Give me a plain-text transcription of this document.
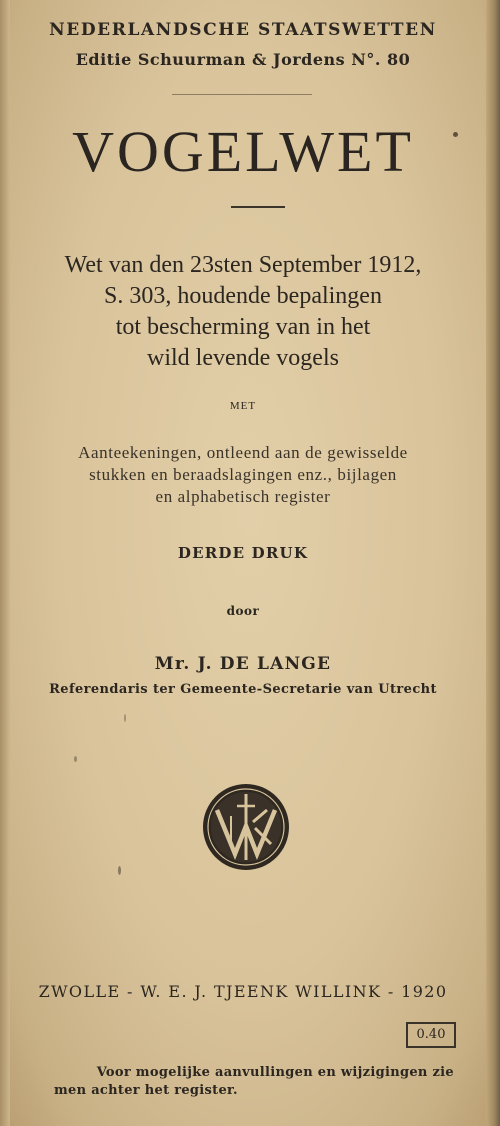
NEDERLANDSCHE STAATSWETTEN
Editie Schuurman & Jordens N°. 80
VOGELWET
Wet van den 23sten September 1912,
S. 303, houdende bepalingen
tot bescherming van in het
wild levende vogels
MET
Aanteekeningen, ontleend aan de gewisselde
stukken en beraadslagingen enz., bijlagen
en alphabetisch register
DERDE DRUK
door
Mr. J. DE LANGE
Referendaris ter Gemeente-Secretarie van Utrecht
ZWOLLE - W. E. J. TJEENK WILLINK - 1920
0.40
Voor mogelijke aanvullingen en wijzigingen zie
men achter het register.
